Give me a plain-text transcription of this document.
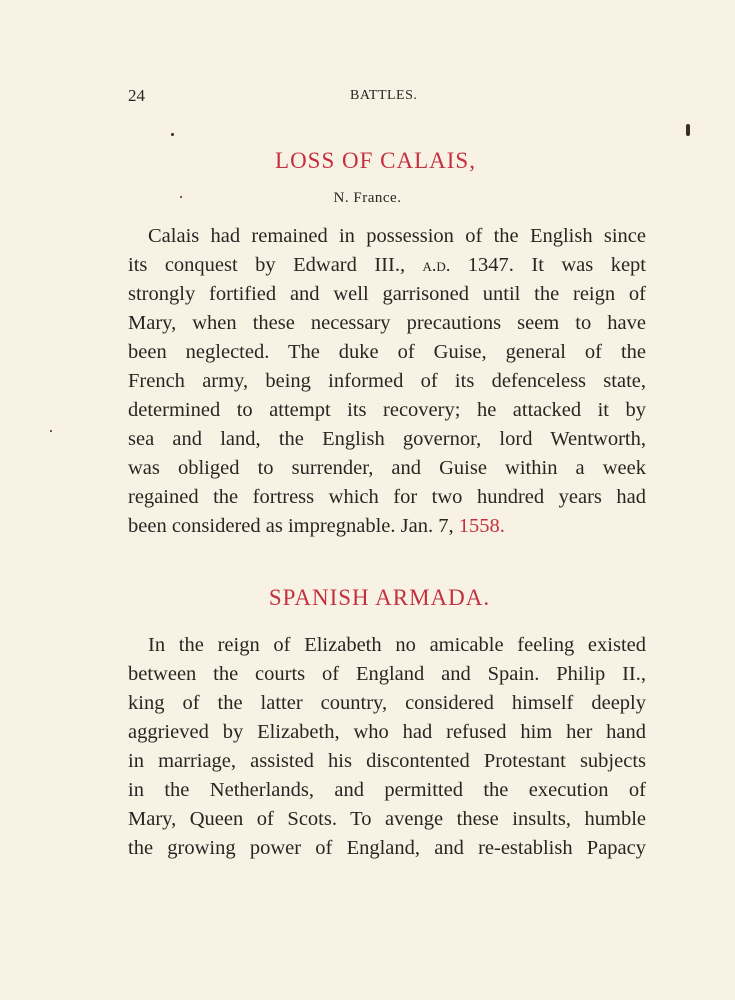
24	BATTLES.
LOSS OF CALAIS,
N. France.
Calais had remained in possession of the English since
its conquest by Edward III., a.d. 1347. It was kept
strongly fortified and well garrisoned until the reign of
Mary, when these necessary precautions seem to have
been neglected. The duke of Guise, general of the
French army, being informed of its defenceless state,
determined to attempt its recovery; he attacked it by
sea and land, the English governor, lord Wentworth,
was obliged to surrender, and Guise within a week
regained the fortress which for two hundred years had
been considered as impregnable. Jan. 7, 1558.
SPANISH ARMADA.
In the reign of Elizabeth no amicable feeling existed
between the courts of England and Spain. Philip II.,
king of the latter country, considered himself deeply
aggrieved by Elizabeth, who had refused him her hand
in marriage, assisted his discontented Protestant subjects
in the Netherlands, and permitted the execution of
Mary, Queen of Scots. To avenge these insults, humble
the growing power of England, and re-establish Papacy
